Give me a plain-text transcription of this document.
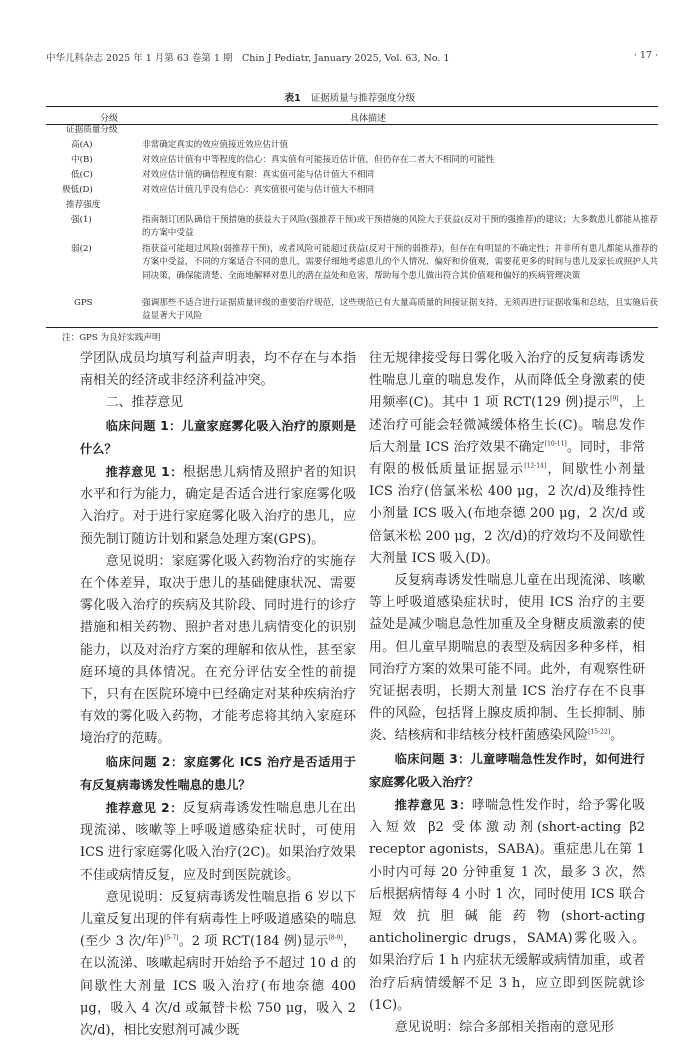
中华儿科杂志 2025 年 1 月第 63 卷第 1 期　Chin J Pediatr, January 2025, Vol. 63, No. 1	· 17 ·
表1 证据质量与推荐强度分级
分级	具体描述
证据质量分级
高(A)	非常确定真实的效应值接近效应估计值
中(B)	对效应估计值有中等程度的信心：真实值有可能接近估计值，但仍存在二者大不相同的可能性
低(C)	对效应估计值的确信程度有限：真实值可能与估计值大不相同
极低(D)	对效应估计值几乎没有信心：真实值很可能与估计值大不相同
推荐强度
强(1)	指南制订团队确信干预措施的获益大于风险(强推荐干预)或干预措施的风险大于获益(反对干预的强推荐)的建议；大多数患儿都能从推荐的方案中受益
弱(2)	指获益可能超过风险(弱推荐干预)，或者风险可能超过获益(反对干预的弱推荐)，但存在有明显的不确定性；并非所有患儿都能从推荐的方案中受益，不同的方案适合不同的患儿，需要仔细地考虑患儿的个人情况、偏好和价值观，需要花更多的时间与患儿及家长或照护人共同决策，确保能清楚、全面地解释对患儿的潜在益处和危害，帮助每个患儿做出符合其价值观和偏好的疾病管理决策
GPS	强调那些不适合进行证据质量评级的重要治疗规范，这些规范已有大量高质量的间接证据支持，无须再进行证据收集和总结，且实施后获益显著大于风险
注：GPS 为良好实践声明

学团队成员均填写利益声明表，均不存在与本指南相关的经济或非经济利益冲突。

二、推荐意见

临床问题 1：儿童家庭雾化吸入治疗的原则是什么？

推荐意见 1：根据患儿病情及照护者的知识水平和行为能力，确定是否适合进行家庭雾化吸入治疗。对于进行家庭雾化吸入治疗的患儿，应预先制订随访计划和紧急处理方案(GPS)。

意见说明：家庭雾化吸入药物治疗的实施存在个体差异，取决于患儿的基础健康状况、需要雾化吸入治疗的疾病及其阶段、同时进行的诊疗措施和相关药物、照护者对患儿病情变化的识别能力，以及对治疗方案的理解和依从性，甚至家庭环境的具体情况。在充分评估安全性的前提下，只有在医院环境中已经确定对某种疾病治疗有效的雾化吸入药物，才能考虑将其纳入家庭环境治疗的范畴。

临床问题 2：家庭雾化 ICS 治疗是否适用于有反复病毒诱发性喘息的患儿？

推荐意见 2：反复病毒诱发性喘息患儿在出现流涕、咳嗽等上呼吸道感染症状时，可使用 ICS 进行家庭雾化吸入治疗(2C)。如果治疗效果不佳或病情反复，应及时到医院就诊。

意见说明：反复病毒诱发性喘息指 6 岁以下儿童反复出现的伴有病毒性上呼吸道感染的喘息(至少 3 次/年)[5-7]。2 项 RCT(184 例)显示[8-9]，在以流涕、咳嗽起病时开始给予不超过 10 d 的间歇性大剂量 ICS 吸入治疗(布地奈德 400 μg，吸入 4 次/d 或氟替卡松 750 μg，吸入 2 次/d)，相比安慰剂可减少既

往无规律接受每日雾化吸入治疗的反复病毒诱发性喘息儿童的喘息发作，从而降低全身激素的使用频率(C)。其中 1 项 RCT(129 例)提示[9]，上述治疗可能会轻微减缓体格生长(C)。喘息发作后大剂量 ICS 治疗效果不确定[10-11]。同时，非常有限的极低质量证据显示[12-14]，间歇性小剂量 ICS 治疗(倍氯米松 400 μg，2 次/d)及维持性小剂量 ICS 吸入(布地奈德 200 μg，2 次/d 或倍氯米松 200 μg，2 次/d)的疗效均不及间歇性大剂量 ICS 吸入(D)。

反复病毒诱发性喘息儿童在出现流涕、咳嗽等上呼吸道感染症状时，使用 ICS 治疗的主要益处是减少喘息急性加重及全身糖皮质激素的使用。但儿童早期喘息的表型及病因多种多样，相同治疗方案的效果可能不同。此外，有观察性研究证据表明，长期大剂量 ICS 治疗存在不良事件的风险，包括肾上腺皮质抑制、生长抑制、肺炎、结核病和非结核分枝杆菌感染风险[15-22]。

临床问题 3：儿童哮喘急性发作时，如何进行家庭雾化吸入治疗？

推荐意见 3：哮喘急性发作时，给予雾化吸入短效 β2 受体激动剂(short-acting β2 receptor agonists，SABA)。重症患儿在第 1 小时内可每 20 分钟重复 1 次，最多 3 次，然后根据病情每 4 小时 1 次，同时使用 ICS 联合短效抗胆碱能药物(short-acting anticholinergic drugs，SAMA)雾化吸入。如果治疗后 1 h 内症状无缓解或病情加重，或者治疗后病情缓解不足 3 h，应立即到医院就诊(1C)。

意见说明：综合多部相关指南的意见形
